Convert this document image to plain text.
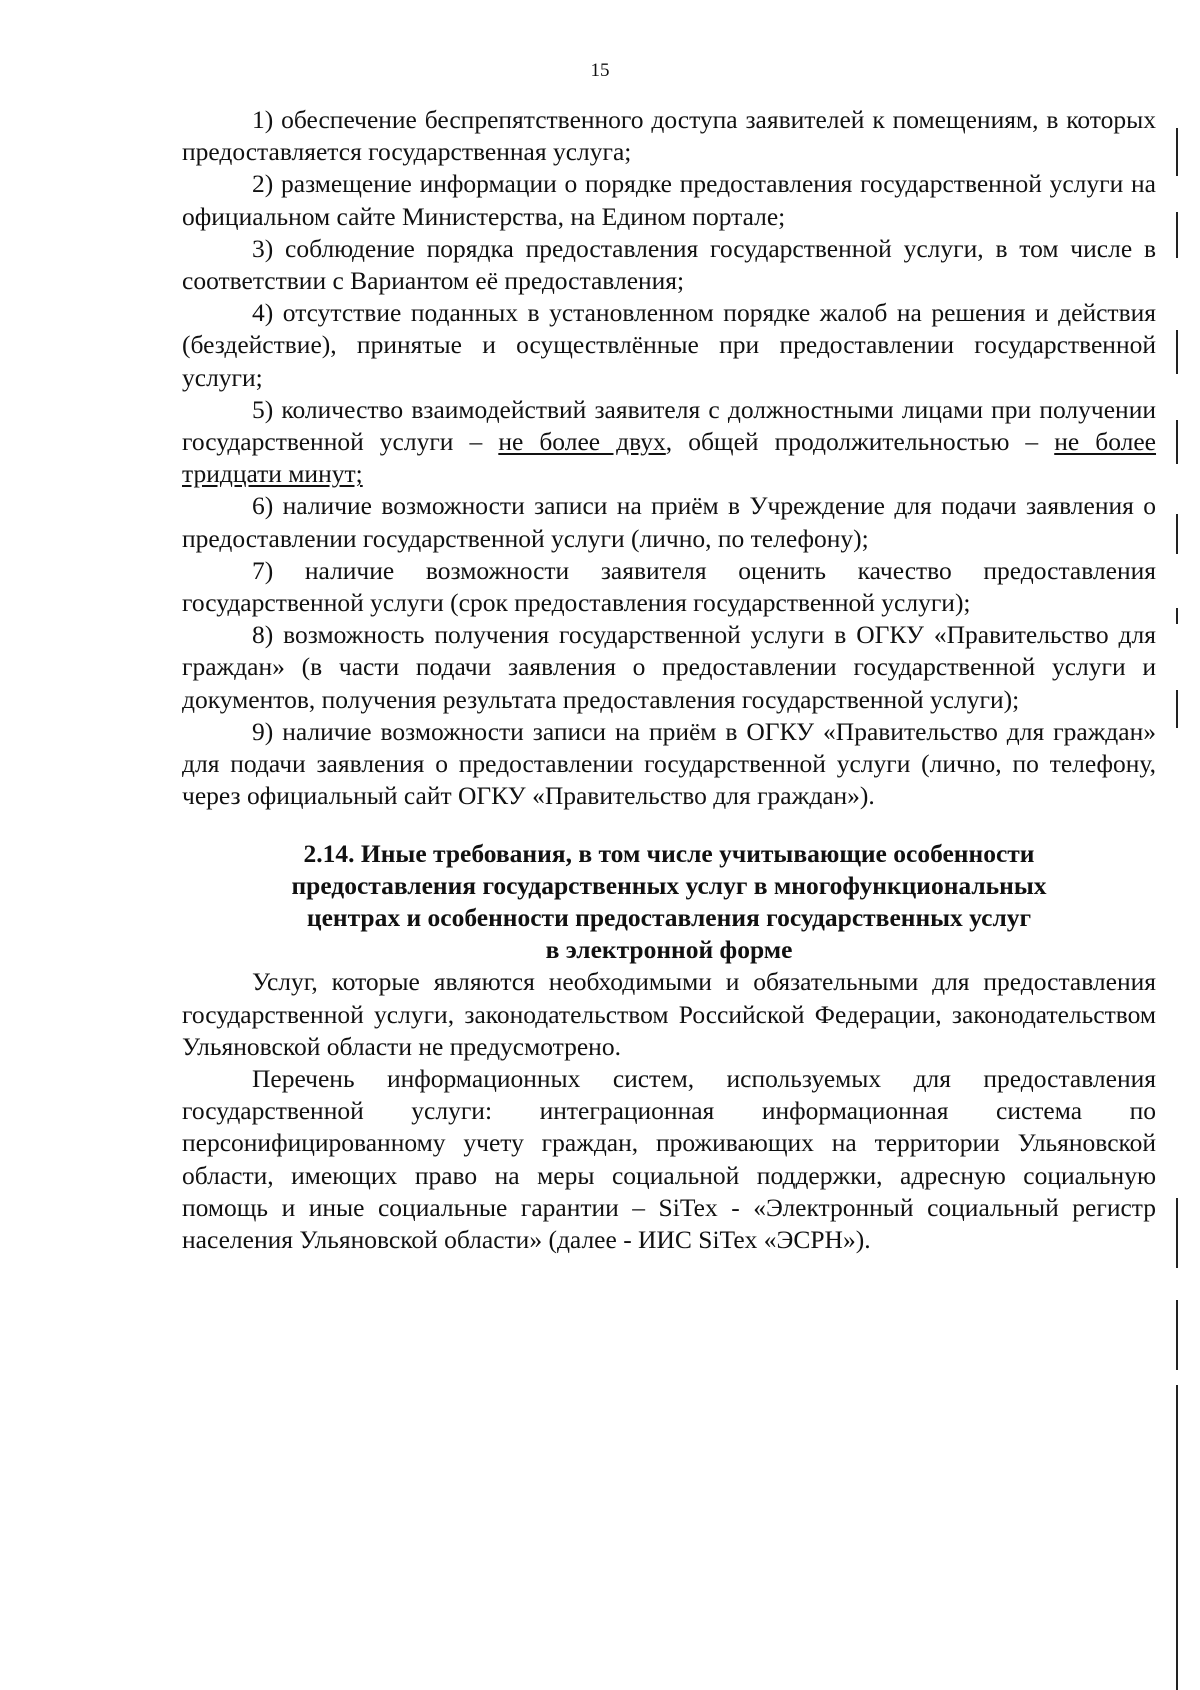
15

1) обеспечение беспрепятственного доступа заявителей к помещениям, в которых предоставляется государственная услуга;

2) размещение информации о порядке предоставления государственной услуги на официальном сайте Министерства, на Едином портале;

3) соблюдение порядка предоставления государственной услуги, в том числе в соответствии с Вариантом её предоставления;

4) отсутствие поданных в установленном порядке жалоб на решения и действия (бездействие), принятые и осуществлённые при предоставлении государственной услуги;

5) количество взаимодействий заявителя с должностными лицами при получении государственной услуги – не более двух, общей продолжительностью – не более тридцати минут;

6) наличие возможности записи на приём в Учреждение для подачи заявления о предоставлении государственной услуги (лично, по телефону);

7) наличие возможности заявителя оценить качество предоставления государственной услуги (срок предоставления государственной услуги);

8) возможность получения государственной услуги в ОГКУ «Правительство для граждан» (в части подачи заявления о предоставлении государственной услуги и документов, получения результата предоставления государственной услуги);

9) наличие возможности записи на приём в ОГКУ «Правительство для граждан» для подачи заявления о предоставлении государственной услуги (лично, по телефону, через официальный сайт ОГКУ «Правительство для граждан»).

2.14. Иные требования, в том числе учитывающие особенности
предоставления государственных услуг в многофункциональных
центрах и особенности предоставления государственных услуг
в электронной форме

Услуг, которые являются необходимыми и обязательными для предоставления государственной услуги, законодательством Российской Федерации, законодательством Ульяновской области не предусмотрено.

Перечень информационных систем, используемых для предоставления государственной услуги: интеграционная информационная система по персонифицированному учету граждан, проживающих на территории Ульяновской области, имеющих право на меры социальной поддержки, адресную социальную помощь и иные социальные гарантии – SiTex - «Электронный социальный регистр населения Ульяновской области» (далее - ИИС SiTex «ЭСРН»).
